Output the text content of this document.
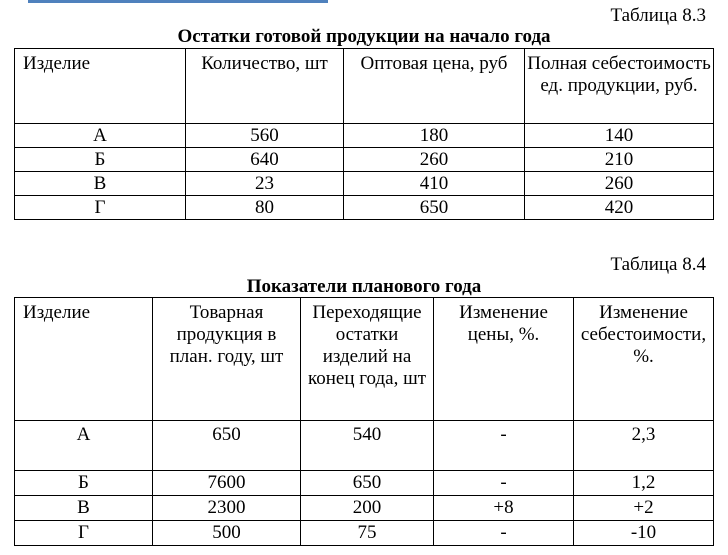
Таблица 8.3
Остатки готовой продукции на начало года
Изделие	Количество, шт	Оптовая цена, руб	Полная себестоимость ед. продукции, руб.
А	560	180	140
Б	640	260	210
В	23	410	260
Г	80	650	420
Таблица 8.4
Показатели планового года
Изделие	Товарная продукция в план. году, шт	Переходящие остатки изделий на конец года, шт	Изменение цены, %.	Изменение себестоимости, %.
А	650	540	-	2,3
Б	7600	650	-	1,2
В	2300	200	+8	+2
Г	500	75	-	-10
